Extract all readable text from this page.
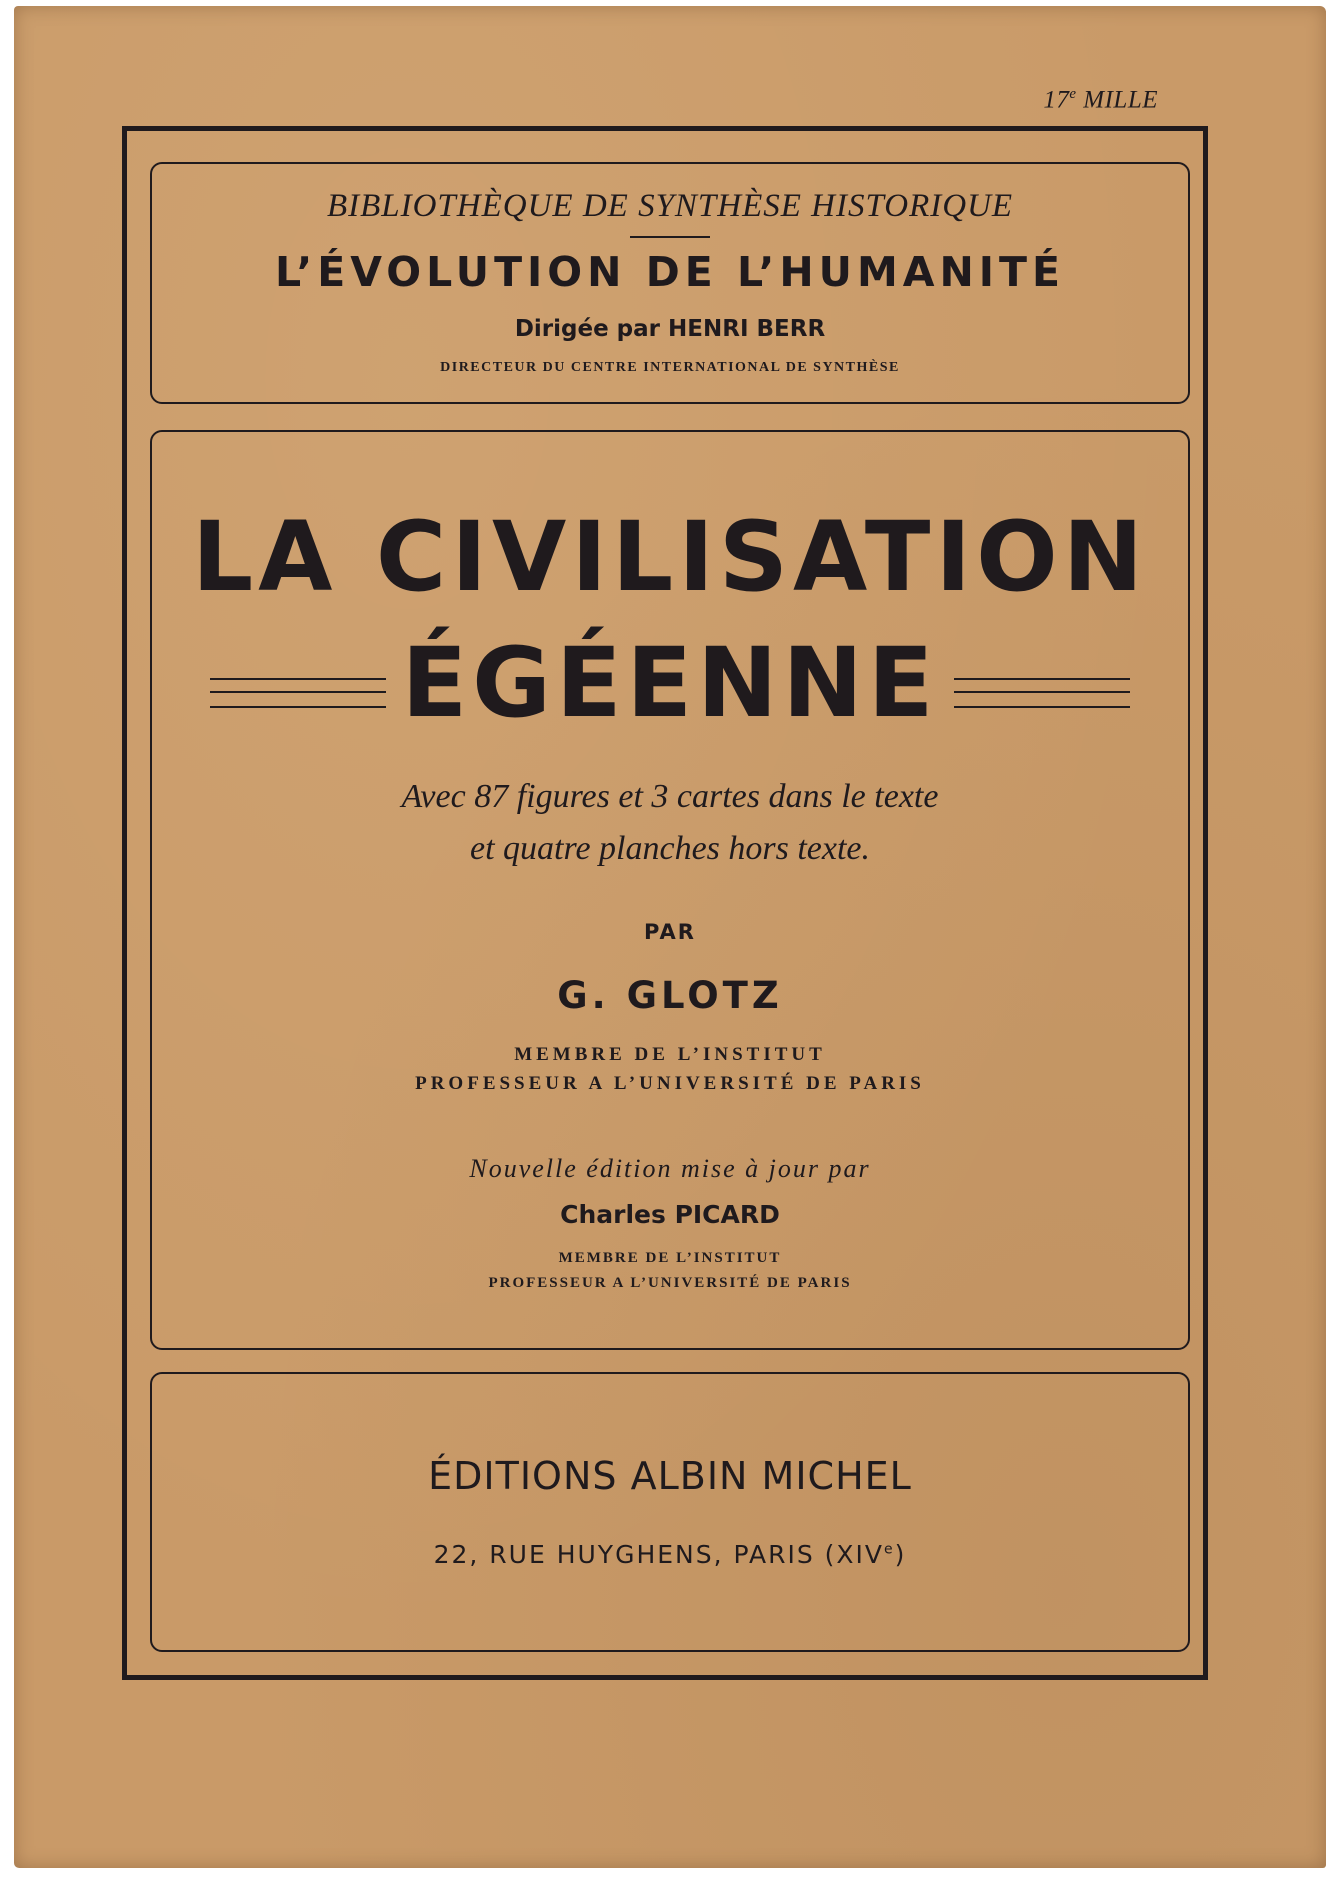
17e MILLE
BIBLIOTHÈQUE DE SYNTHÈSE HISTORIQUE
L’ÉVOLUTION DE L’HUMANITÉ
Dirigée par HENRI BERR
DIRECTEUR DU CENTRE INTERNATIONAL DE SYNTHÈSE
LA CIVILISATION
ÉGÉENNE
Avec 87 figures et 3 cartes dans le texte
et quatre planches hors texte.
PAR
G. GLOTZ
MEMBRE DE L’INSTITUT
PROFESSEUR A L’UNIVERSITÉ DE PARIS
Nouvelle édition mise à jour par
Charles PICARD
MEMBRE DE L’INSTITUT
PROFESSEUR A L’UNIVERSITÉ DE PARIS
ÉDITIONS ALBIN MICHEL
22, RUE HUYGHENS, PARIS (XIVe)
